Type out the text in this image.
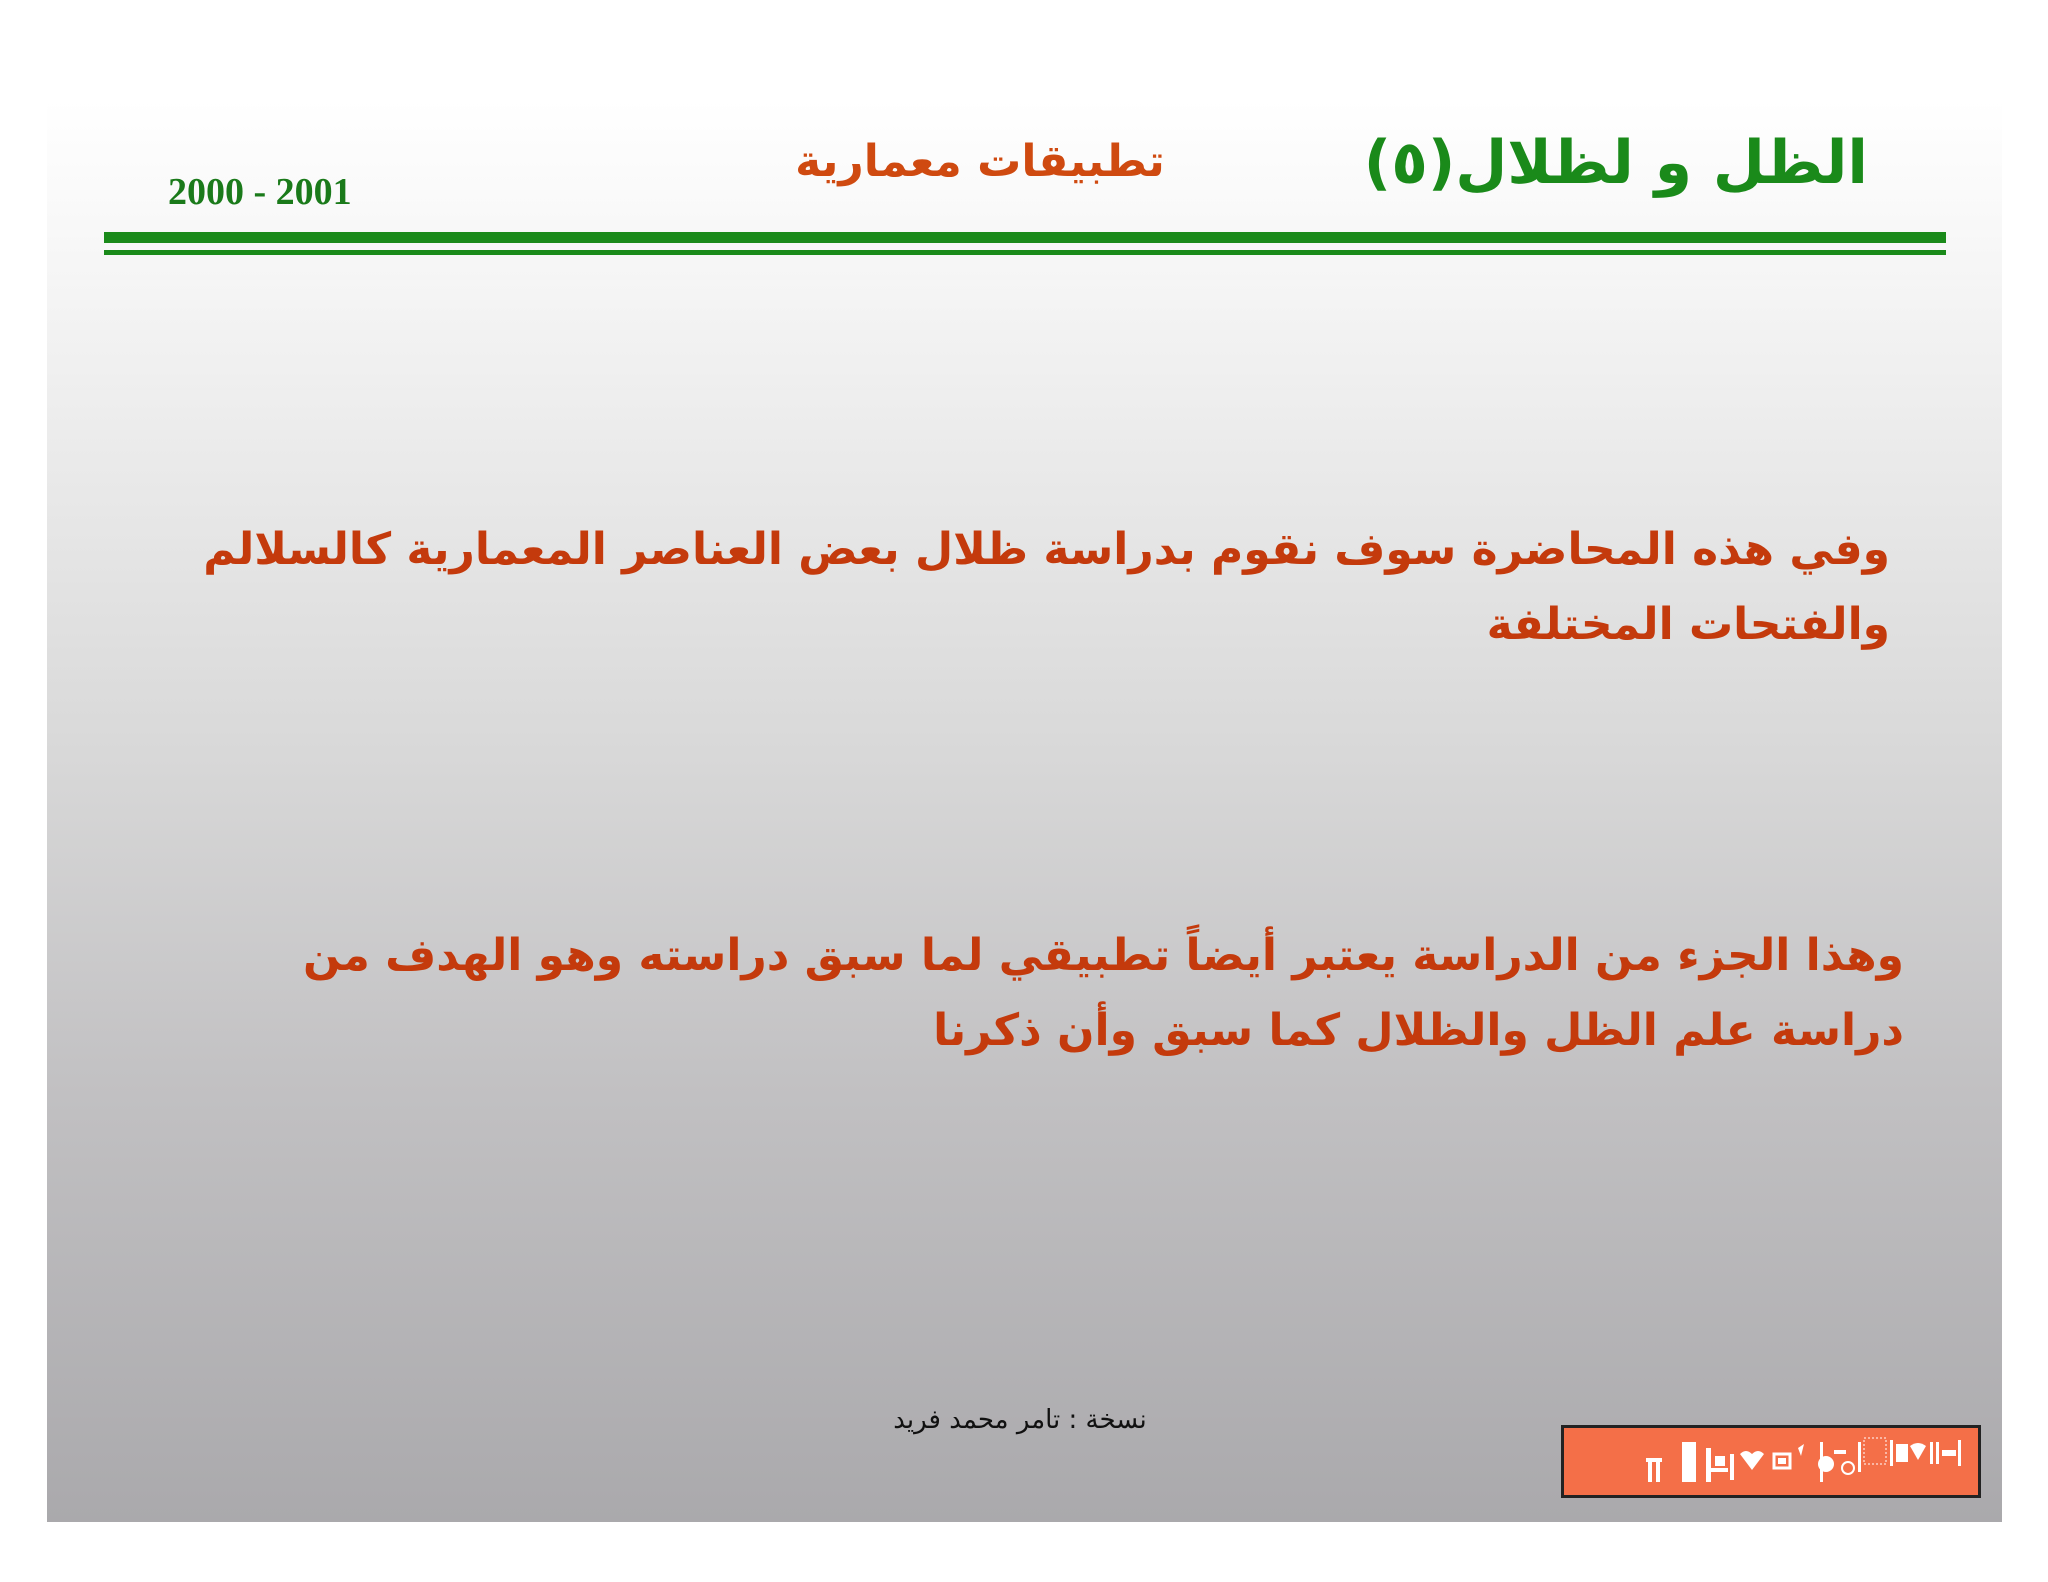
2000 - 2001
تطبيقات معمارية	الظل و لظلال(٥)
وفي هذه المحاضرة سوف نقوم بدراسة ظلال بعض العناصر المعمارية كالسلالم والفتحات المختلفة
وهذا الجزء من الدراسة يعتبر أيضاً تطبيقي لما سبق دراسته وهو الهدف من دراسة علم الظل والظلال كما سبق وأن ذكرنا
نسخة : تامر محمد فريد
